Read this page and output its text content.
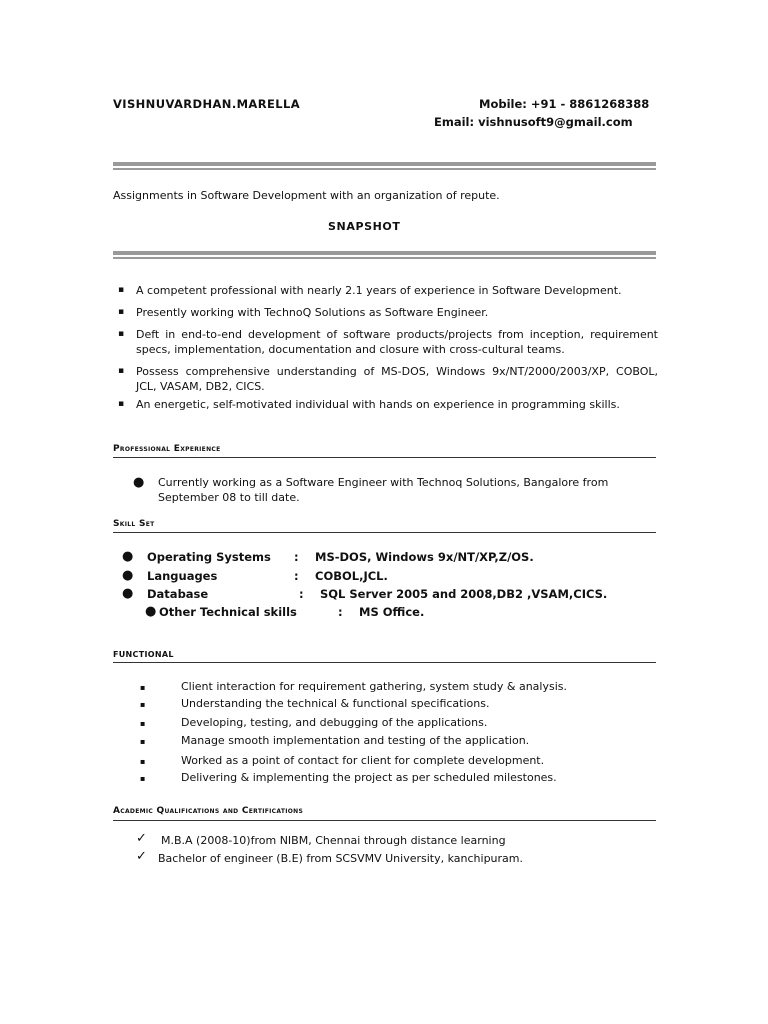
VISHNUVARDHAN.MARELLA	Mobile: +91 - 8861268388
Email: vishnusoft9@gmail.com
Assignments in Software Development with an organization of repute.
SNAPSHOT
▪ A competent professional with nearly 2.1 years of experience in Software Development.
▪ Presently working with TechnoQ Solutions as Software Engineer.
▪ Deft in end-to-end development of software products/projects from inception, requirement specs, implementation, documentation and closure with cross-cultural teams.
▪ Possess comprehensive understanding of MS-DOS, Windows 9x/NT/2000/2003/XP, COBOL, JCL, VASAM, DB2, CICS.
▪ An energetic, self-motivated individual with hands on experience in programming skills.
Professional Experience
● Currently working as a Software Engineer with Technoq Solutions, Bangalore from September 08 to till date.
Skill Set
● Operating Systems : MS-DOS, Windows 9x/NT/XP,Z/OS.
● Languages	: COBOL,JCL.
● Database	: SQL Server 2005 and 2008,DB2 ,VSAM,CICS.
● Other Technical skills	: MS Office.
FUNCTIONAL
▪	Client interaction for requirement gathering, system study & analysis.
▪	Understanding the technical & functional specifications.
▪	Developing, testing, and debugging of the applications.
▪	Manage smooth implementation and testing of the application.
▪	Worked as a point of contact for client for complete development.
▪	Delivering & implementing the project as per scheduled milestones.
Academic Qualifications and Certifications
✓ M.B.A (2008-10)from NIBM, Chennai through distance learning
✓ Bachelor of engineer (B.E) from SCSVMV University, kanchipuram.
